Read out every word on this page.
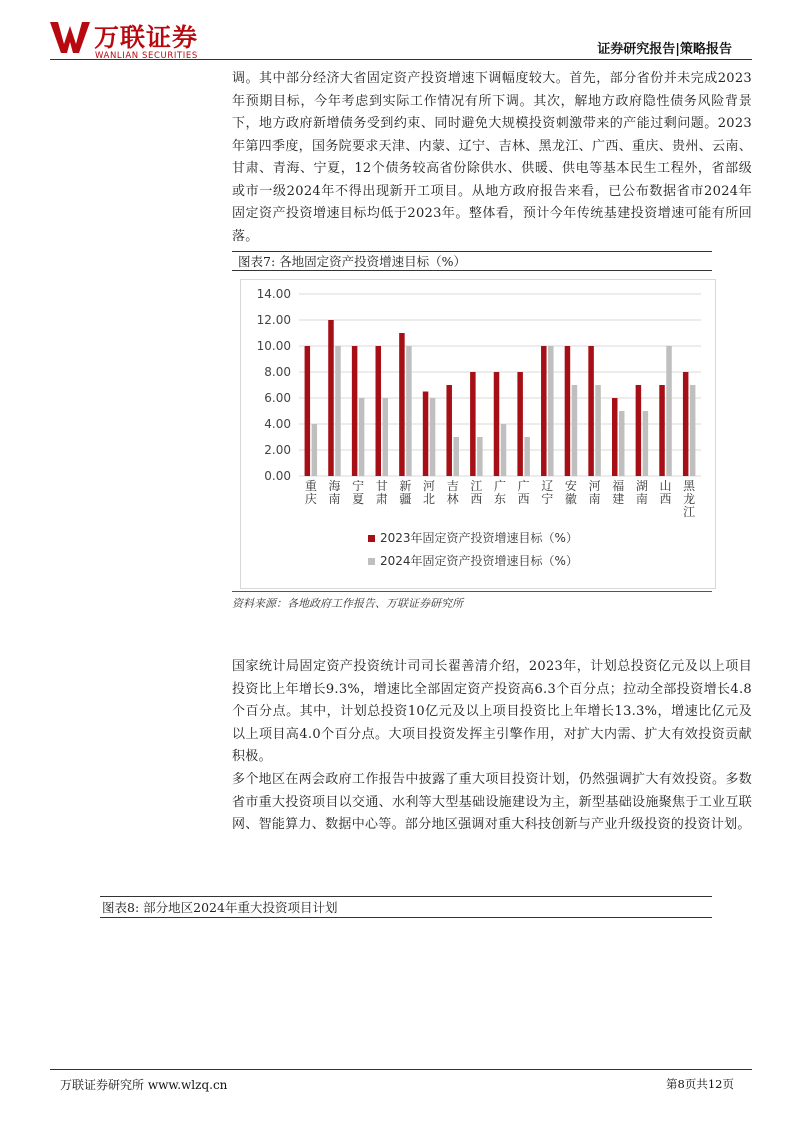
万联证券
WANLIAN SECURITIES	证券研究报告|策略报告

调。其中部分经济大省固定资产投资增速下调幅度较大。首先，部分省份并未完成2023年预期目标，今年考虑到实际工作情况有所下调。其次，解地方政府隐性债务风险背景下，地方政府新增债务受到约束、同时避免大规模投资刺激带来的产能过剩问题。2023年第四季度，国务院要求天津、内蒙、辽宁、吉林、黑龙江、广西、重庆、贵州、云南、甘肃、青海、宁夏，12个债务较高省份除供水、供暖、供电等基本民生工程外，省部级或市一级2024年不得出现新开工项目。从地方政府报告来看，已公布数据省市2024年固定资产投资增速目标均低于2023年。整体看，预计今年传统基建投资增速可能有所回落。

图表7: 各地固定资产投资增速目标（%）
14.00
12.00
10.00
8.00
6.00
4.00
2.00
0.00
重庆
海南
宁夏
甘肃
新疆
河北
吉林
江西
广东
广西
辽宁
安徽
河南
福建
湖南
山西
黑龙江
2023年固定资产投资增速目标（%）
2024年固定资产投资增速目标（%）
资料来源：各地政府工作报告、万联证券研究所

国家统计局固定资产投资统计司司长翟善清介绍，2023年，计划总投资亿元及以上项目投资比上年增长9.3%，增速比全部固定资产投资高6.3个百分点；拉动全部投资增长4.8个百分点。其中，计划总投资10亿元及以上项目投资比上年增长13.3%，增速比亿元及以上项目高4.0个百分点。大项目投资发挥主引擎作用，对扩大内需、扩大有效投资贡献积极。

多个地区在两会政府工作报告中披露了重大项目投资计划，仍然强调扩大有效投资。多数省市重大投资项目以交通、水利等大型基础设施建设为主，新型基础设施聚焦于工业互联网、智能算力、数据中心等。部分地区强调对重大科技创新与产业升级投资的投资计划。

图表8: 部分地区2024年重大投资项目计划
万联证券研究所 www.wlzq.cn	第8页共12页
